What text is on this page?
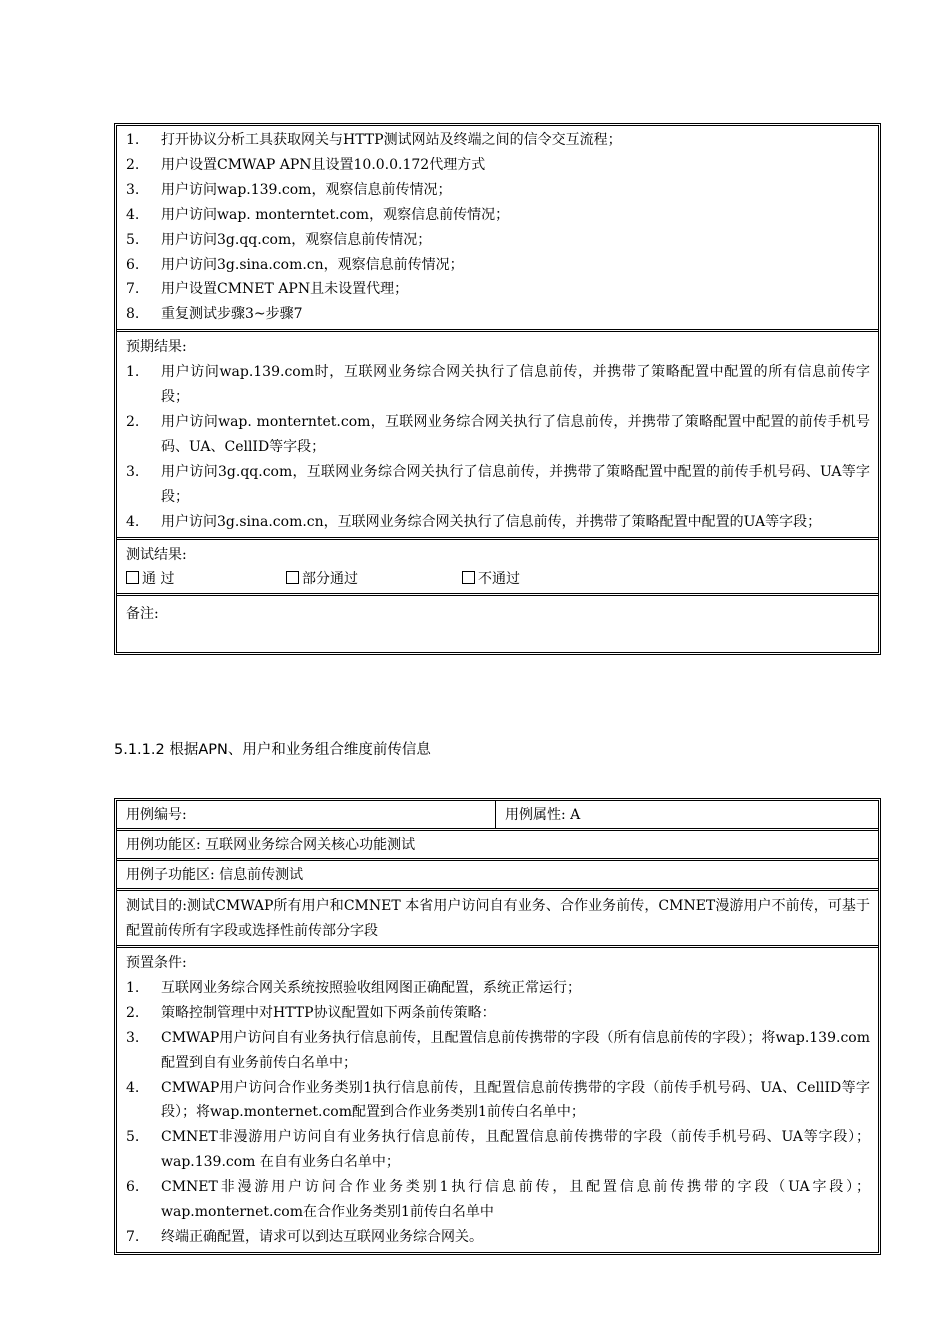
1.	打开协议分析工具获取网关与HTTP测试网站及终端之间的信令交互流程；
2.	用户设置CMWAP APN且设置10.0.0.172代理方式
3.	用户访问wap.139.com，观察信息前传情况；
4.	用户访问wap. monterntet.com，观察信息前传情况；
5.	用户访问3g.qq.com，观察信息前传情况；
6.	用户访问3g.sina.com.cn，观察信息前传情况；
7.	用户设置CMNET APN且未设置代理；
8.	重复测试步骤3~步骤7
预期结果:
1.	用户访问wap.139.com时，互联网业务综合网关执行了信息前传，并携带了策略配置中配置的所有信息前传字段；
2.	用户访问wap. monterntet.com，互联网业务综合网关执行了信息前传，并携带了策略配置中配置的前传手机号码、UA、CellID等字段；
3.	用户访问3g.qq.com，互联网业务综合网关执行了信息前传，并携带了策略配置中配置的前传手机号码、UA等字段；
4.	用户访问3g.sina.com.cn，互联网业务综合网关执行了信息前传，并携带了策略配置中配置的UA等字段；
测试结果:
通 过	部分通过	不通过
备注:
5.1.1.2 根据APN、用户和业务组合维度前传信息
用例编号:	用例属性: A
用例功能区: 互联网业务综合网关核心功能测试
用例子功能区: 信息前传测试
测试目的:测试CMWAP所有用户和CMNET 本省用户访问自有业务、合作业务前传，CMNET漫游用户不前传，可基于配置前传所有字段或选择性前传部分字段
预置条件:
1.	互联网业务综合网关系统按照验收组网图正确配置，系统正常运行；
2.	策略控制管理中对HTTP协议配置如下两条前传策略：
3.	CMWAP用户访问自有业务执行信息前传，且配置信息前传携带的字段（所有信息前传的字段）；将wap.139.com配置到自有业务前传白名单中；
4.	CMWAP用户访问合作业务类别1执行信息前传，且配置信息前传携带的字段（前传手机号码、UA、CellID等字段）；将wap.monternet.com配置到合作业务类别1前传白名单中；
5.	CMNET非漫游用户访问自有业务执行信息前传，且配置信息前传携带的字段（前传手机号码、UA等字段）；wap.139.com 在自有业务白名单中；
6.	CMNET非漫游用户访问合作业务类别1执行信息前传，且配置信息前传携带的字段（UA字段）；wap.monternet.com在合作业务类别1前传白名单中
7.	终端正确配置，请求可以到达互联网业务综合网关。
